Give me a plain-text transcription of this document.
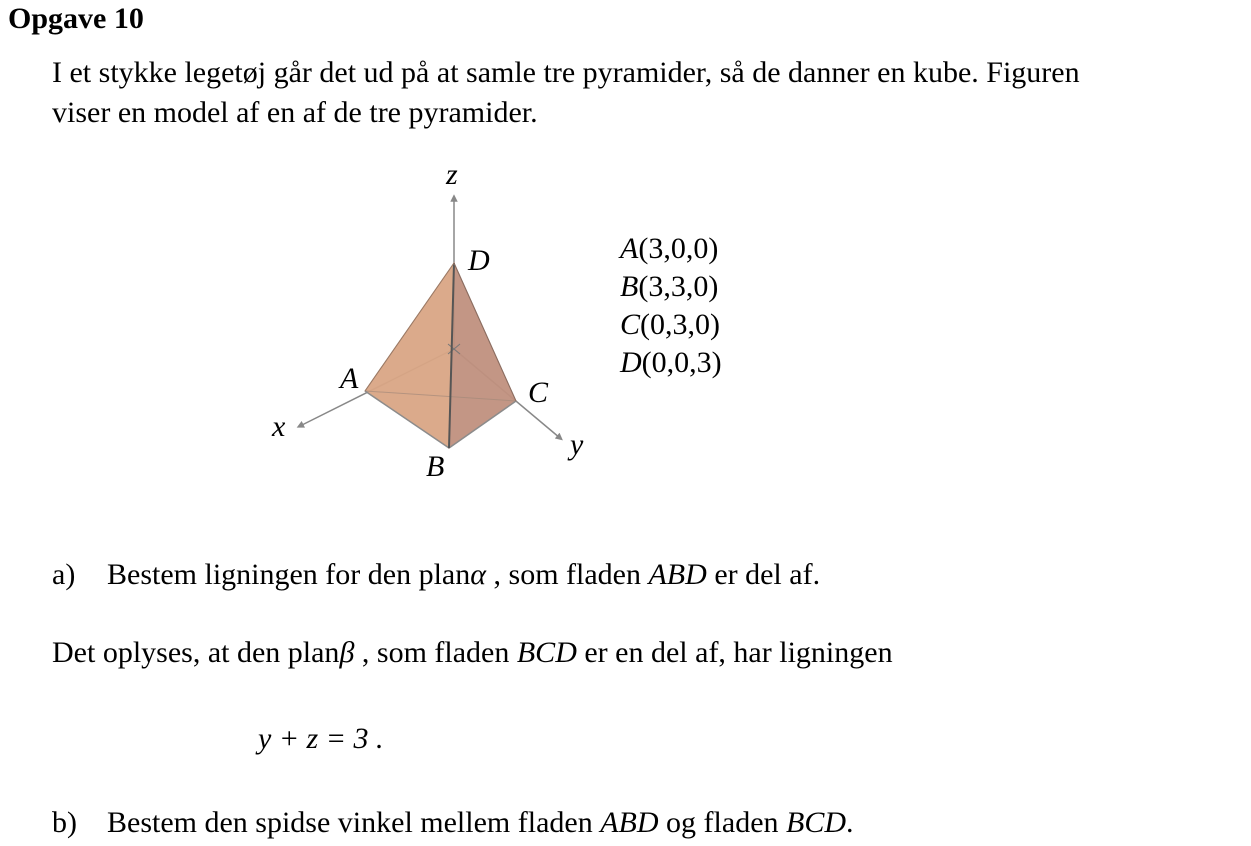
Opgave 10
I et stykke legetøj går det ud på at samle tre pyramider, så de danner en kube. Figuren
viser en model af en af de tre pyramider.
z
x
y
D
A	C
B
A(3,0,0)
B(3,3,0)
C(0,3,0)
D(0,0,3)
a) Bestem ligningen for den planα , som fladen ABD er del af.
Det oplyses, at den planβ , som fladen BCD er en del af, har ligningen
y + z = 3 .
b) Bestem den spidse vinkel mellem fladen ABD og fladen BCD.
